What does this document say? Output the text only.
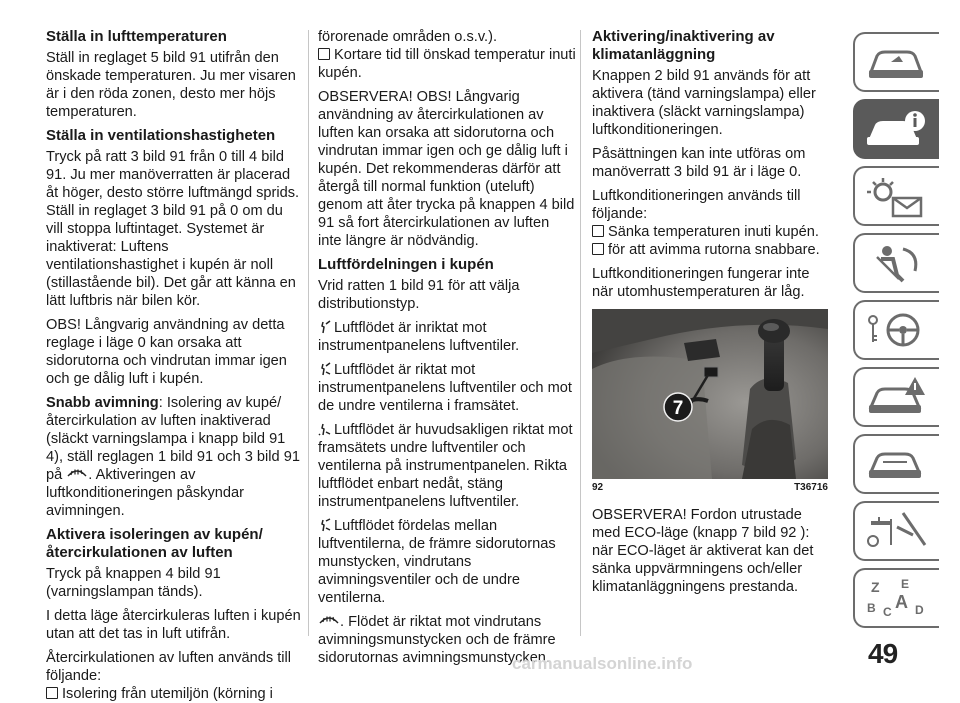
Ställa in lufttemperaturen

Ställ in reglaget 5 bild 91 utifrån den önskade temperaturen. Ju mer visaren är i den röda zonen, desto mer höjs temperaturen.

Ställa in ventilationshastigheten

Tryck på ratt 3 bild 91 från 0 till 4 bild 91. Ju mer manöverratten är placerad åt höger, desto större luftmängd sprids. Ställ in reglaget 3 bild 91 på 0 om du vill stoppa luftintaget. Systemet är inaktiverat: Luftens ventilationshastighet i kupén är noll (stillastående bil). Det går att känna en lätt luftbris när bilen kör.

OBS! Långvarig användning av detta reglage i läge 0 kan orsaka att sidorutorna och vindrutan immar igen och ge dålig luft i kupén.

Snabb avimning: Isolering av kupé/återcirkulation av luften inaktiverad (släckt varningslampa i knapp bild 91 4), ställ reglagen 1 bild 91 och 3 bild 91 på . Aktiveringen av luftkonditioneringen påskyndar avimningen.

Aktivera isoleringen av kupén/återcirkulationen av luften

Tryck på knappen 4 bild 91 (varningslampan tänds).

I detta läge återcirkuleras luften i kupén utan att det tas in luft utifrån.

Återcirkulationen av luften används till följande:

Isolering från utemiljön (körning i
förorenade områden o.s.v.).

Kortare tid till önskad temperatur inuti kupén.

OBSERVERA! OBS! Långvarig användning av återcirkulationen av luften kan orsaka att sidorutorna och vindrutan immar igen och ge dålig luft i kupén. Det rekommenderas därför att återgå till normal funktion (uteluft) genom att åter trycka på knappen 4 bild 91 så fort återcirkulationen av luften inte längre är nödvändig.

Luftfördelningen i kupén

Vrid ratten 1 bild 91 för att välja distributionstyp.

Luftflödet är inriktat mot instrumentpanelens luftventiler.

Luftflödet är riktat mot instrumentpanelens luftventiler och mot de undre ventilerna i framsätet.

Luftflödet är huvudsakligen riktat mot framsätets undre luftventiler och ventilerna på instrumentpanelen. Rikta luftflödet enbart nedåt, stäng instrumentpanelens luftventiler.

Luftflödet fördelas mellan luftventilerna, de främre sidorutornas munstycken, vindrutans avimningsventiler och de undre ventilerna.

. Flödet är riktat mot vindrutans avimningsmunstycken och de främre sidorutornas avimningsmunstycken.

Aktivering/inaktivering av klimatanläggning

Knappen 2 bild 91 används för att aktivera (tänd varningslampa) eller inaktivera (släckt varningslampa) luftkonditioneringen.

Påsättningen kan inte utföras om manöverratt 3 bild 91 är i läge 0.

Luftkonditioneringen används till följande:

Sänka temperaturen inuti kupén.

för att avimma rutorna snabbare.

Luftkonditioneringen fungerar inte när utomhustemperaturen är låg.

7
92	T36716

OBSERVERA! Fordon utrustade med ECO-läge (knapp 7 bild 92 ): när ECO-läget är aktiverat kan det sänka uppvärmningens och/eller klimatanläggningens prestanda.	Z E
B C A D
49
carmanualsonline.info
